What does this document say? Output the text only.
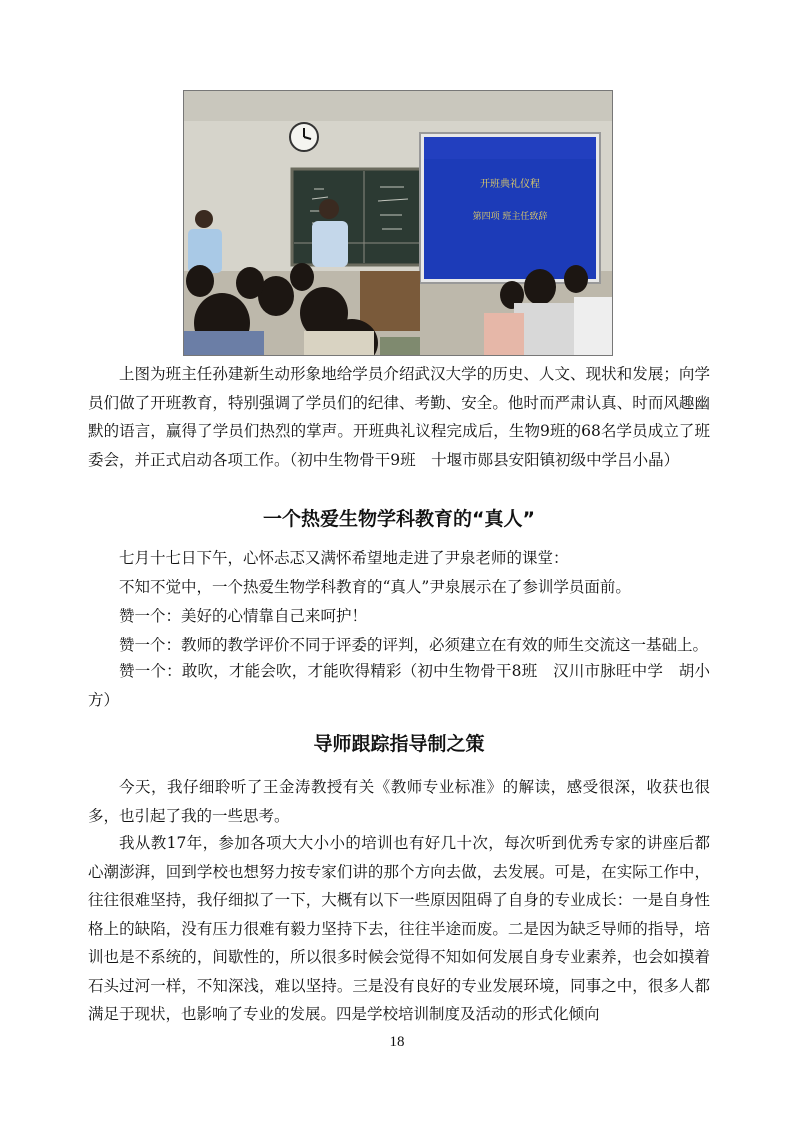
开班典礼仪程
第四项 班主任致辞

上图为班主任孙建新生动形象地给学员介绍武汉大学的历史、人文、现状和发展；向学员们做了开班教育，特别强调了学员们的纪律、考勤、安全。他时而严肃认真、时而风趣幽默的语言，赢得了学员们热烈的掌声。开班典礼议程完成后，生物9班的68名学员成立了班委会，并正式启动各项工作。（初中生物骨干9班　十堰市郧县安阳镇初级中学吕小晶）

一个热爱生物学科教育的“真人”

七月十七日下午，心怀忐忑又满怀希望地走进了尹泉老师的课堂：

不知不觉中，一个热爱生物学科教育的“真人”尹泉展示在了参训学员面前。

赞一个：美好的心情靠自己来呵护！

赞一个：教师的教学评价不同于评委的评判，必须建立在有效的师生交流这一基础上。

赞一个：敢吹，才能会吹，才能吹得精彩（初中生物骨干8班　汉川市脉旺中学　胡小方）

导师跟踪指导制之策

今天，我仔细聆听了王金涛教授有关《教师专业标准》的解读，感受很深，收获也很多，也引起了我的一些思考。

我从教17年，参加各项大大小小的培训也有好几十次，每次听到优秀专家的讲座后都心潮澎湃，回到学校也想努力按专家们讲的那个方向去做，去发展。可是，在实际工作中，往往很难坚持，我仔细拟了一下，大概有以下一些原因阻碍了自身的专业成长：一是自身性格上的缺陷，没有压力很难有毅力坚持下去，往往半途而废。二是因为缺乏导师的指导，培训也是不系统的，间歇性的，所以很多时候会觉得不知如何发展自身专业素养，也会如摸着石头过河一样，不知深浅，难以坚持。三是没有良好的专业发展环境，同事之中，很多人都满足于现状，也影响了专业的发展。四是学校培训制度及活动的形式化倾向

18
